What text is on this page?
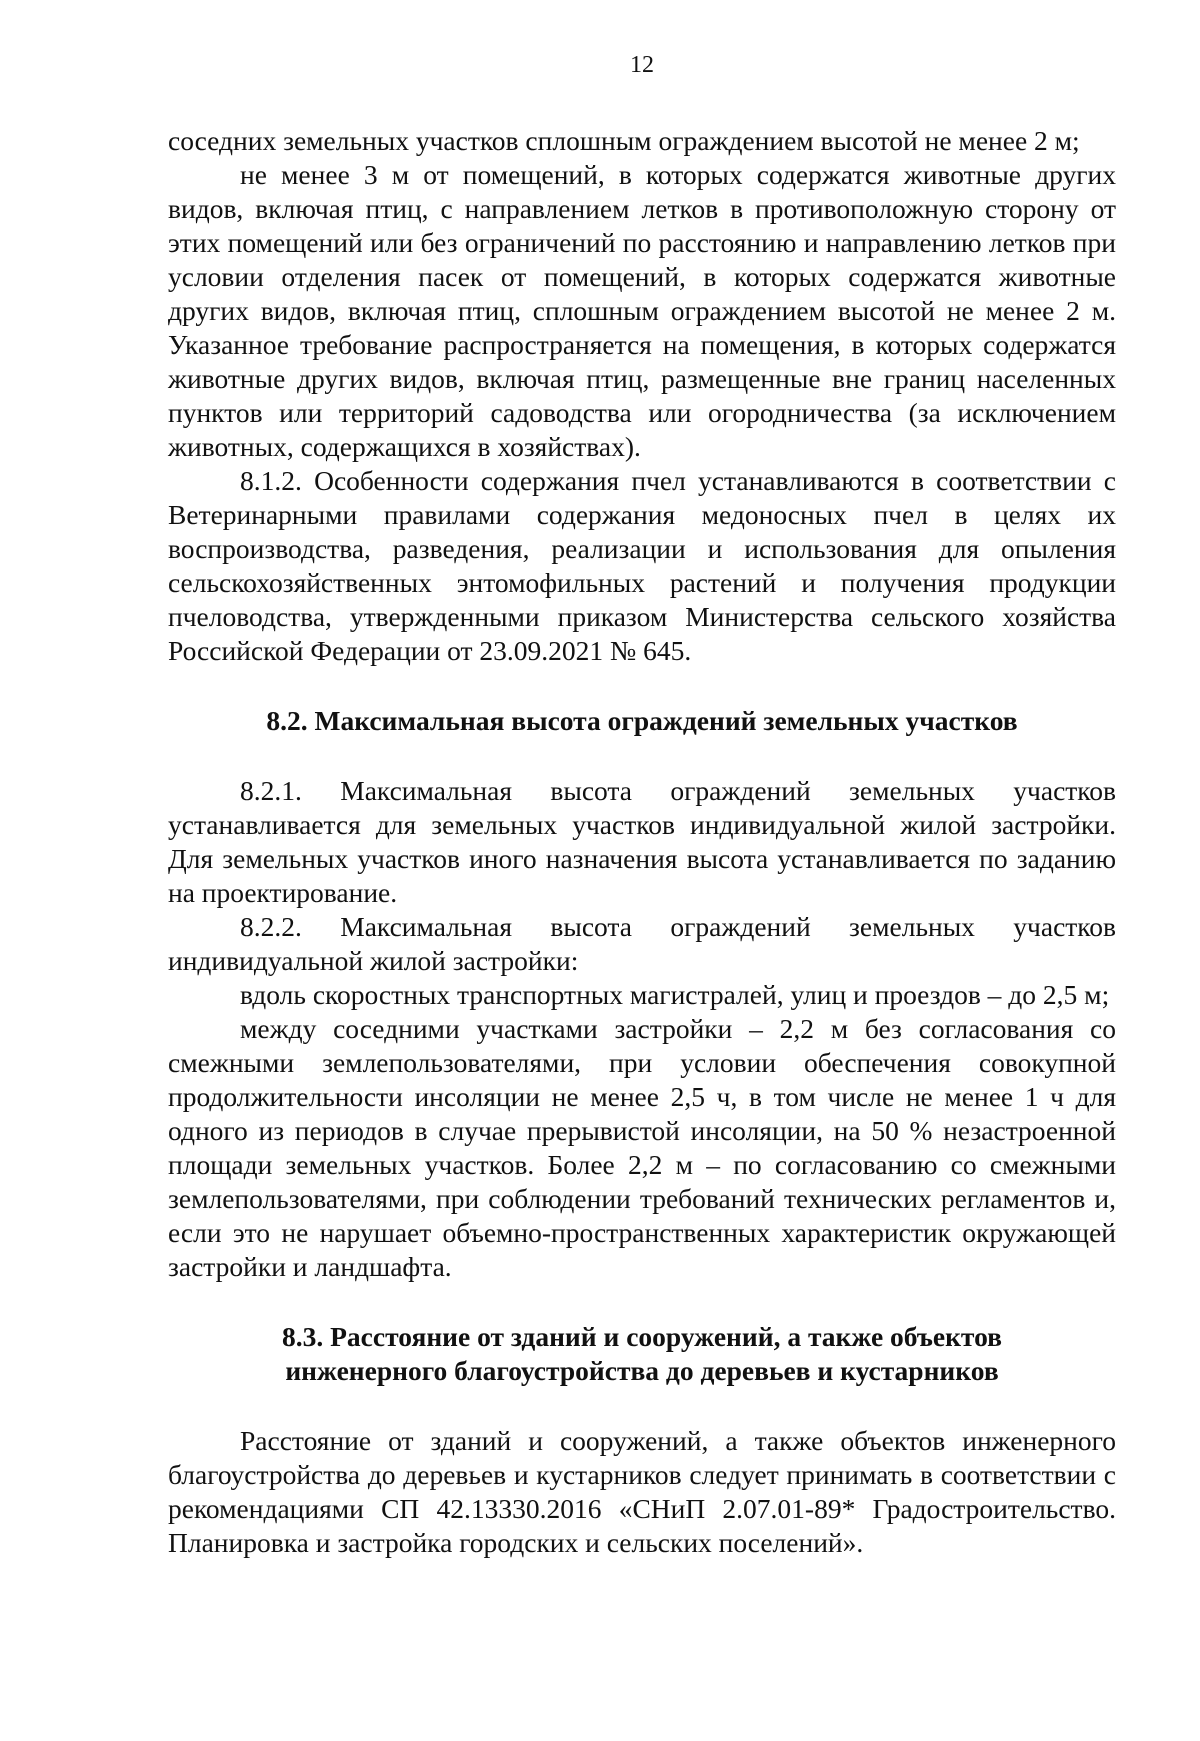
12

соседних земельных участков сплошным ограждением высотой не менее 2 м;

не менее 3 м от помещений, в которых содержатся животные других видов, включая птиц, с направлением летков в противоположную сторону от этих помещений или без ограничений по расстоянию и направлению летков при условии отделения пасек от помещений, в которых содержатся животные других видов, включая птиц, сплошным ограждением высотой не менее 2 м. Указанное требование распространяется на помещения, в которых содержатся животные других видов, включая птиц, размещенные вне границ населенных пунктов или территорий садоводства или огородничества (за исключением животных, содержащихся в хозяйствах).

8.1.2. Особенности содержания пчел устанавливаются в соответствии с Ветеринарными правилами содержания медоносных пчел в целях их воспроизводства, разведения, реализации и использования для опыления сельскохозяйственных энтомофильных растений и получения продукции пчеловодства, утвержденными приказом Министерства сельского хозяйства Российской Федерации от 23.09.2021 № 645.

8.2. Максимальная высота ограждений земельных участков

8.2.1. Максимальная высота ограждений земельных участков устанавливается для земельных участков индивидуальной жилой застройки. Для земельных участков иного назначения высота устанавливается по заданию на проектирование.

8.2.2. Максимальная высота ограждений земельных участков индивидуальной жилой застройки:

вдоль скоростных транспортных магистралей, улиц и проездов – до 2,5 м;

между соседними участками застройки – 2,2 м без согласования со смежными землепользователями, при условии обеспечения совокупной продолжительности инсоляции не менее 2,5 ч, в том числе не менее 1 ч для одного из периодов в случае прерывистой инсоляции, на 50 % незастроенной площади земельных участков. Более 2,2 м – по согласованию со смежными землепользователями, при соблюдении требований технических регламентов и, если это не нарушает объемно-пространственных характеристик окружающей застройки и ландшафта.

8.3. Расстояние от зданий и сооружений, а также объектов
инженерного благоустройства до деревьев и кустарников

Расстояние от зданий и сооружений, а также объектов инженерного благоустройства до деревьев и кустарников следует принимать в соответствии с рекомендациями СП 42.13330.2016 «СНиП 2.07.01-89* Градостроительство. Планировка и застройка городских и сельских поселений».
